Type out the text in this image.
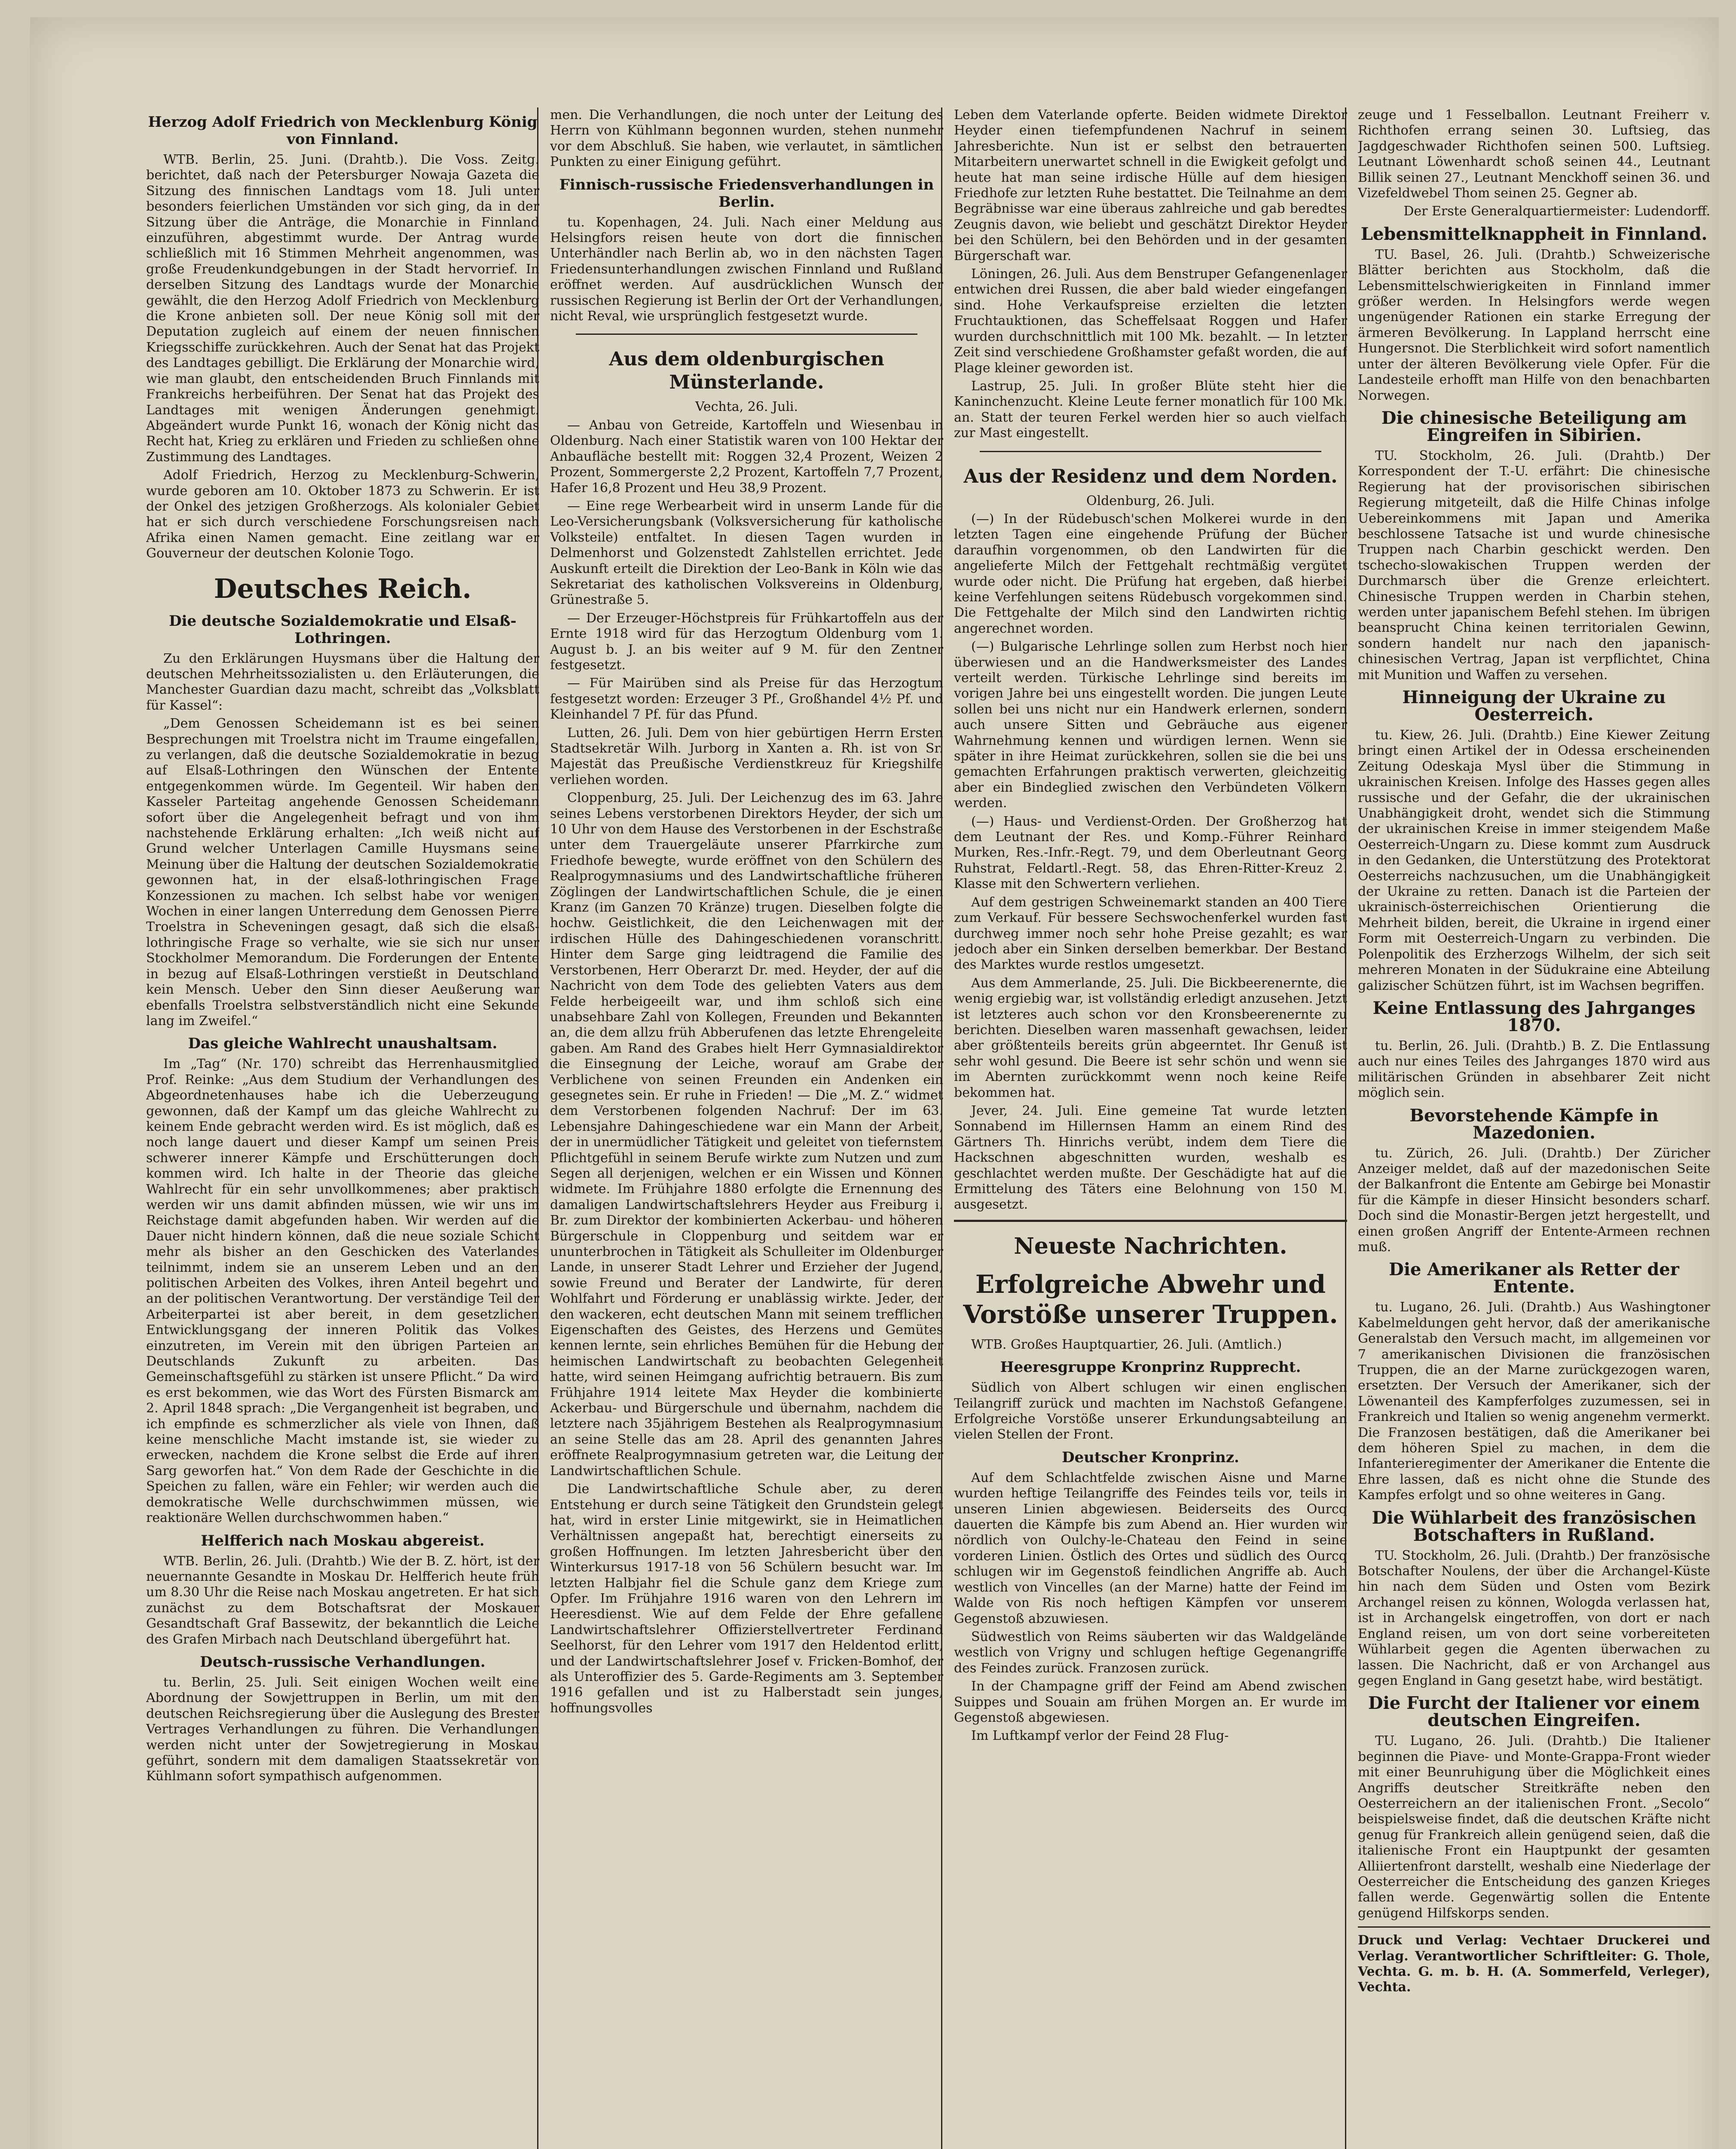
Herzog Adolf Friedrich von Mecklenburg König von Finnland.

WTB. Berlin, 25. Juni. (Drahtb.). Die Voss. Zeitg. berichtet, daß nach der Petersburger Nowaja Gazeta die Sitzung des finnischen Landtags vom 18. Juli unter besonders feierlichen Umständen vor sich ging, da in der Sitzung über die Anträge, die Monarchie in Finnland einzuführen, abgestimmt wurde. Der Antrag wurde schließlich mit 16 Stimmen Mehrheit angenommen, was große Freudenkundgebungen in der Stadt hervorrief. In derselben Sitzung des Landtags wurde der Monarchie gewählt, die den Herzog Adolf Friedrich von Mecklenburg die Krone anbieten soll. Der neue König soll mit der Deputation zugleich auf einem der neuen finnischen Kriegsschiffe zurückkehren. Auch der Senat hat das Projekt des Landtages gebilligt. Die Erklärung der Monarchie wird, wie man glaubt, den entscheidenden Bruch Finnlands mit Frankreichs herbeiführen. Der Senat hat das Projekt des Landtages mit wenigen Änderungen genehmigt. Abgeändert wurde Punkt 16, wonach der König nicht das Recht hat, Krieg zu erklären und Frieden zu schließen ohne Zustimmung des Landtages.

Adolf Friedrich, Herzog zu Mecklenburg-Schwerin, wurde geboren am 10. Oktober 1873 zu Schwerin. Er ist der Onkel des jetzigen Großherzogs. Als kolonialer Gebiet hat er sich durch verschiedene Forschungsreisen nach Afrika einen Namen gemacht. Eine zeitlang war er Gouverneur der deutschen Kolonie Togo.

Deutsches Reich.
Die deutsche Sozialdemokratie und Elsaß-Lothringen.

Zu den Erklärungen Huysmans über die Haltung der deutschen Mehrheitssozialisten u. den Erläuterungen, die Manchester Guardian dazu macht, schreibt das „Volksblatt für Kassel“:

„Dem Genossen Scheidemann ist es bei seinen Besprechungen mit Troelstra nicht im Traume eingefallen, zu verlangen, daß die deutsche Sozialdemokratie in bezug auf Elsaß-Lothringen den Wünschen der Entente entgegenkommen würde. Im Gegenteil. Wir haben den Kasseler Parteitag angehende Genossen Scheidemann sofort über die Angelegenheit befragt und von ihm nachstehende Erklärung erhalten: „Ich weiß nicht auf Grund welcher Unterlagen Camille Huysmans seine Meinung über die Haltung der deutschen Sozialdemokratie gewonnen hat, in der elsaß-lothringischen Frage Konzessionen zu machen. Ich selbst habe vor wenigen Wochen in einer langen Unterredung dem Genossen Pierre Troelstra in Scheveningen gesagt, daß sich die elsaß-lothringische Frage so verhalte, wie sie sich nur unser Stockholmer Memorandum. Die Forderungen der Entente in bezug auf Elsaß-Lothringen verstießt in Deutschland kein Mensch. Ueber den Sinn dieser Aeußerung war ebenfalls Troelstra selbstverständlich nicht eine Sekunde lang im Zweifel.“

Das gleiche Wahlrecht unaushaltsam.

Im „Tag“ (Nr. 170) schreibt das Herrenhausmitglied Prof. Reinke: „Aus dem Studium der Verhandlungen des Abgeordnetenhauses habe ich die Ueberzeugung gewonnen, daß der Kampf um das gleiche Wahlrecht zu keinem Ende gebracht werden wird. Es ist möglich, daß es noch lange dauert und dieser Kampf um seinen Preis schwerer innerer Kämpfe und Erschütterungen doch kommen wird. Ich halte in der Theorie das gleiche Wahlrecht für ein sehr unvollkommenes; aber praktisch werden wir uns damit abfinden müssen, wie wir uns im Reichstage damit abgefunden haben. Wir werden auf die Dauer nicht hindern können, daß die neue soziale Schicht mehr als bisher an den Geschicken des Vaterlandes teilnimmt, indem sie an unserem Leben und an den politischen Arbeiten des Volkes, ihren Anteil begehrt und an der politischen Verantwortung. Der verständige Teil der Arbeiterpartei ist aber bereit, in dem gesetzlichen Entwicklungsgang der inneren Politik das Volkes einzutreten, im Verein mit den übrigen Parteien an Deutschlands Zukunft zu arbeiten. Das Gemeinschaftsgefühl zu stärken ist unsere Pflicht.“ Da wird es erst bekommen, wie das Wort des Fürsten Bismarck am 2. April 1848 sprach: „Die Vergangenheit ist begraben, und ich empfinde es schmerzlicher als viele von Ihnen, daß keine menschliche Macht imstande ist, sie wieder zu erwecken, nachdem die Krone selbst die Erde auf ihren Sarg geworfen hat.“ Von dem Rade der Geschichte in die Speichen zu fallen, wäre ein Fehler; wir werden auch die demokratische Welle durchschwimmen müssen, wie reaktionäre Wellen durchschwommen haben.“

Helfferich nach Moskau abgereist.

WTB. Berlin, 26. Juli. (Drahtb.) Wie der B. Z. hört, ist der neuernannte Gesandte in Moskau Dr. Helfferich heute früh um 8.30 Uhr die Reise nach Moskau angetreten. Er hat sich zunächst zu dem Botschaftsrat der Moskauer Gesandtschaft Graf Bassewitz, der bekanntlich die Leiche des Grafen Mirbach nach Deutschland übergeführt hat.

Deutsch-russische Verhandlungen.

tu. Berlin, 25. Juli. Seit einigen Wochen weilt eine Abordnung der Sowjettruppen in Berlin, um mit den deutschen Reichsregierung über die Auslegung des Brester Vertrages Verhandlungen zu führen. Die Verhandlungen werden nicht unter der Sowjetregierung in Moskau geführt, sondern mit dem damaligen Staatssekretär von Kühlmann sofort sympathisch aufgenommen.

men. Die Verhandlungen, die noch unter der Leitung des Herrn von Kühlmann begonnen wurden, stehen nunmehr vor dem Abschluß. Sie haben, wie verlautet, in sämtlichen Punkten zu einer Einigung geführt.

Finnisch-russische Friedensverhandlungen in Berlin.

tu. Kopenhagen, 24. Juli. Nach einer Meldung aus Helsingfors reisen heute von dort die finnischen Unterhändler nach Berlin ab, wo in den nächsten Tagen Friedensunterhandlungen zwischen Finnland und Rußland eröffnet werden. Auf ausdrücklichen Wunsch der russischen Regierung ist Berlin der Ort der Verhandlungen, nicht Reval, wie ursprünglich festgesetzt wurde.

Aus dem oldenburgischen Münsterlande.

Vechta, 26. Juli.

— Anbau von Getreide, Kartoffeln und Wiesenbau in Oldenburg. Nach einer Statistik waren von 100 Hektar der Anbaufläche bestellt mit: Roggen 32,4 Prozent, Weizen 2 Prozent, Sommergerste 2,2 Prozent, Kartoffeln 7,7 Prozent, Hafer 16,8 Prozent und Heu 38,9 Prozent.

— Eine rege Werbearbeit wird in unserm Lande für die Leo-Versicherungsbank (Volksversicherung für katholische Volksteile) entfaltet. In diesen Tagen wurden in Delmenhorst und Golzenstedt Zahlstellen errichtet. Jede Auskunft erteilt die Direktion der Leo-Bank in Köln wie das Sekretariat des katholischen Volksvereins in Oldenburg, Grünestraße 5.

— Der Erzeuger-Höchstpreis für Frühkartoffeln aus der Ernte 1918 wird für das Herzogtum Oldenburg vom 1. August b. J. an bis weiter auf 9 M. für den Zentner festgesetzt.

— Für Mairüben sind als Preise für das Herzogtum festgesetzt worden: Erzeuger 3 Pf., Großhandel 4½ Pf. und Kleinhandel 7 Pf. für das Pfund.

Lutten, 26. Juli. Dem von hier gebürtigen Herrn Ersten Stadtsekretär Wilh. Jurborg in Xanten a. Rh. ist von Sr. Majestät das Preußische Verdienstkreuz für Kriegshilfe verliehen worden.

Cloppenburg, 25. Juli. Der Leichenzug des im 63. Jahre seines Lebens verstorbenen Direktors Heyder, der sich um 10 Uhr von dem Hause des Verstorbenen in der Eschstraße unter dem Trauergeläute unserer Pfarrkirche zum Friedhofe bewegte, wurde eröffnet von den Schülern des Realprogymnasiums und des Landwirtschaftliche früheren Zöglingen der Landwirtschaftlichen Schule, die je einen Kranz (im Ganzen 70 Kränze) trugen. Dieselben folgte die hochw. Geistlichkeit, die den Leichenwagen mit der irdischen Hülle des Dahingeschiedenen voranschritt. Hinter dem Sarge ging leidtragend die Familie des Verstorbenen, Herr Oberarzt Dr. med. Heyder, der auf die Nachricht von dem Tode des geliebten Vaters aus dem Felde herbeigeeilt war, und ihm schloß sich eine unabsehbare Zahl von Kollegen, Freunden und Bekannten an, die dem allzu früh Abberufenen das letzte Ehrengeleite gaben. Am Rand des Grabes hielt Herr Gymnasialdirektor die Einsegnung der Leiche, worauf am Grabe der Verblichene von seinen Freunden ein Andenken ein gesegnetes sein. Er ruhe in Frieden! — Die „M. Z.“ widmet dem Verstorbenen folgenden Nachruf: Der im 63. Lebensjahre Dahingeschiedene war ein Mann der Arbeit, der in unermüdlicher Tätigkeit und geleitet von tiefernstem Pflichtgefühl in seinem Berufe wirkte zum Nutzen und zum Segen all derjenigen, welchen er ein Wissen und Können widmete. Im Frühjahre 1880 erfolgte die Ernennung des damaligen Landwirtschaftslehrers Heyder aus Freiburg i. Br. zum Direktor der kombinierten Ackerbau- und höheren Bürgerschule in Cloppenburg und seitdem war er ununterbrochen in Tätigkeit als Schulleiter im Oldenburger Lande, in unserer Stadt Lehrer und Erzieher der Jugend, sowie Freund und Berater der Landwirte, für deren Wohlfahrt und Förderung er unablässig wirkte. Jeder, der den wackeren, echt deutschen Mann mit seinem trefflichen Eigenschaften des Geistes, des Herzens und Gemütes kennen lernte, sein ehrliches Bemühen für die Hebung der heimischen Landwirtschaft zu beobachten Gelegenheit hatte, wird seinen Heimgang aufrichtig betrauern. Bis zum Frühjahre 1914 leitete Max Heyder die kombinierte Ackerbau- und Bürgerschule und übernahm, nachdem die letztere nach 35jährigem Bestehen als Realprogymnasium an seine Stelle das am 28. April des genannten Jahres eröffnete Realprogymnasium getreten war, die Leitung der Landwirtschaftlichen Schule.

Die Landwirtschaftliche Schule aber, zu deren Entstehung er durch seine Tätigkeit den Grundstein gelegt hat, wird in erster Linie mitgewirkt, sie in Heimatlichen Verhältnissen angepaßt hat, berechtigt einerseits zu großen Hoffnungen. Im letzten Jahresbericht über den Winterkursus 1917-18 von 56 Schülern besucht war. Im letzten Halbjahr fiel die Schule ganz dem Kriege zum Opfer. Im Frühjahre 1916 waren von den Lehrern im Heeresdienst. Wie auf dem Felde der Ehre gefallene Landwirtschaftslehrer Offizierstellvertreter Ferdinand Seelhorst, für den Lehrer vom 1917 den Heldentod erlitt, und der Landwirtschaftslehrer Josef v. Fricken-Bomhof, der als Unteroffizier des 5. Garde-Regiments am 3. September 1916 gefallen und ist zu Halberstadt sein junges, hoffnungsvolles

Leben dem Vaterlande opferte. Beiden widmete Direktor Heyder einen tiefempfundenen Nachruf in seinem Jahresberichte. Nun ist er selbst den betrauerten Mitarbeitern unerwartet schnell in die Ewigkeit gefolgt und heute hat man seine irdische Hülle auf dem hiesigen Friedhofe zur letzten Ruhe bestattet. Die Teilnahme an dem Begräbnisse war eine überaus zahlreiche und gab beredtes Zeugnis davon, wie beliebt und geschätzt Direktor Heyder bei den Schülern, bei den Behörden und in der gesamten Bürgerschaft war.

Löningen, 26. Juli. Aus dem Benstruper Gefangenenlager entwichen drei Russen, die aber bald wieder eingefangen sind. Hohe Verkaufspreise erzielten die letzten Fruchtauktionen, das Scheffelsaat Roggen und Hafer wurden durchschnittlich mit 100 Mk. bezahlt. — In letzter Zeit sind verschiedene Großhamster gefaßt worden, die auf Plage kleiner geworden ist.

Lastrup, 25. Juli. In großer Blüte steht hier die Kaninchenzucht. Kleine Leute ferner monatlich für 100 Mk. an. Statt der teuren Ferkel werden hier so auch vielfach zur Mast eingestellt.

Aus der Residenz und dem Norden.

Oldenburg, 26. Juli.

(—) In der Rüdebusch'schen Molkerei wurde in den letzten Tagen eine eingehende Prüfung der Bücher daraufhin vorgenommen, ob den Landwirten für die angelieferte Milch der Fettgehalt rechtmäßig vergütet wurde oder nicht. Die Prüfung hat ergeben, daß hierbei keine Verfehlungen seitens Rüdebusch vorgekommen sind. Die Fettgehalte der Milch sind den Landwirten richtig angerechnet worden.

(—) Bulgarische Lehrlinge sollen zum Herbst noch hier überwiesen und an die Handwerksmeister des Landes verteilt werden. Türkische Lehrlinge sind bereits im vorigen Jahre bei uns eingestellt worden. Die jungen Leute sollen bei uns nicht nur ein Handwerk erlernen, sondern auch unsere Sitten und Gebräuche aus eigener Wahrnehmung kennen und würdigen lernen. Wenn sie später in ihre Heimat zurückkehren, sollen sie die bei uns gemachten Erfahrungen praktisch verwerten, gleichzeitig aber ein Bindeglied zwischen den Verbündeten Völkern werden.

(—) Haus- und Verdienst-Orden. Der Großherzog hat dem Leutnant der Res. und Komp.-Führer Reinhard Murken, Res.-Infr.-Regt. 79, und dem Oberleutnant Georg Ruhstrat, Feldartl.-Regt. 58, das Ehren-Ritter-Kreuz 2. Klasse mit den Schwertern verliehen.

Auf dem gestrigen Schweinemarkt standen an 400 Tiere zum Verkauf. Für bessere Sechswochenferkel wurden fast durchweg immer noch sehr hohe Preise gezahlt; es war jedoch aber ein Sinken derselben bemerkbar. Der Bestand des Marktes wurde restlos umgesetzt.

Aus dem Ammerlande, 25. Juli. Die Bickbeerenernte, die wenig ergiebig war, ist vollständig erledigt anzusehen. Jetzt ist letzteres auch schon vor den Kronsbeerenernte zu berichten. Dieselben waren massenhaft gewachsen, leider aber größtenteils bereits grün abgeerntet. Ihr Genuß ist sehr wohl gesund. Die Beere ist sehr schön und wenn sie im Abernten zurückkommt wenn noch keine Reife bekommen hat.

Jever, 24. Juli. Eine gemeine Tat wurde letzten Sonnabend im Hillernsen Hamm an einem Rind des Gärtners Th. Hinrichs verübt, indem dem Tiere die Hackschnen abgeschnitten wurden, weshalb es geschlachtet werden mußte. Der Geschädigte hat auf die Ermittelung des Täters eine Belohnung von 150 M. ausgesetzt.

Neueste Nachrichten.
Erfolgreiche Abwehr und Vorstöße unserer Truppen.

WTB. Großes Hauptquartier, 26. Juli. (Amtlich.)

Heeresgruppe Kronprinz Rupprecht.

Südlich von Albert schlugen wir einen englischen Teilangriff zurück und machten im Nachstoß Gefangene. Erfolgreiche Vorstöße unserer Erkundungsabteilung an vielen Stellen der Front.

Deutscher Kronprinz.

Auf dem Schlachtfelde zwischen Aisne und Marne wurden heftige Teilangriffe des Feindes teils vor, teils in unseren Linien abgewiesen. Beiderseits des Ourcq dauerten die Kämpfe bis zum Abend an. Hier wurden wir nördlich von Oulchy-le-Chateau den Feind in seine vorderen Linien. Östlich des Ortes und südlich des Ourcq schlugen wir im Gegenstoß feindlichen Angriffe ab. Auch westlich von Vincelles (an der Marne) hatte der Feind im Walde von Ris noch heftigen Kämpfen vor unserem Gegenstoß abzuwiesen.

Südwestlich von Reims säuberten wir das Waldgelände westlich von Vrigny und schlugen heftige Gegenangriffe des Feindes zurück. Franzosen zurück.

In der Champagne griff der Feind am Abend zwischen Suippes und Souain am frühen Morgen an. Er wurde im Gegenstoß abgewiesen.

Im Luftkampf verlor der Feind 28 Flug-

zeuge und 1 Fesselballon. Leutnant Freiherr v. Richthofen errang seinen 30. Luftsieg, das Jagdgeschwader Richthofen seinen 500. Luftsieg. Leutnant Löwenhardt schoß seinen 44., Leutnant Billik seinen 27., Leutnant Menckhoff seinen 36. und Vizefeldwebel Thom seinen 25. Gegner ab.

Der Erste Generalquartiermeister: Ludendorff.

Lebensmittelknappheit in Finnland.

TU. Basel, 26. Juli. (Drahtb.) Schweizerische Blätter berichten aus Stockholm, daß die Lebensmittelschwierigkeiten in Finnland immer größer werden. In Helsingfors werde wegen ungenügender Rationen ein starke Erregung der ärmeren Bevölkerung. In Lappland herrscht eine Hungersnot. Die Sterblichkeit wird sofort namentlich unter der älteren Bevölkerung viele Opfer. Für die Landesteile erhofft man Hilfe von den benachbarten Norwegen.

Die chinesische Beteiligung am Eingreifen in Sibirien.

TU. Stockholm, 26. Juli. (Drahtb.) Der Korrespondent der T.-U. erfährt: Die chinesische Regierung hat der provisorischen sibirischen Regierung mitgeteilt, daß die Hilfe Chinas infolge Uebereinkommens mit Japan und Amerika beschlossene Tatsache ist und wurde chinesische Truppen nach Charbin geschickt werden. Den tschecho-slowakischen Truppen werden der Durchmarsch über die Grenze erleichtert. Chinesische Truppen werden in Charbin stehen, werden unter japanischem Befehl stehen. Im übrigen beansprucht China keinen territorialen Gewinn, sondern handelt nur nach den japanisch-chinesischen Vertrag, Japan ist verpflichtet, China mit Munition und Waffen zu versehen.

Hinneigung der Ukraine zu Oesterreich.

tu. Kiew, 26. Juli. (Drahtb.) Eine Kiewer Zeitung bringt einen Artikel der in Odessa erscheinenden Zeitung Odeskaja Mysl über die Stimmung in ukrainischen Kreisen. Infolge des Hasses gegen alles russische und der Gefahr, die der ukrainischen Unabhängigkeit droht, wendet sich die Stimmung der ukrainischen Kreise in immer steigendem Maße Oesterreich-Ungarn zu. Diese kommt zum Ausdruck in den Gedanken, die Unterstützung des Protektorat Oesterreichs nachzusuchen, um die Unabhängigkeit der Ukraine zu retten. Danach ist die Parteien der ukrainisch-österreichischen Orientierung die Mehrheit bilden, bereit, die Ukraine in irgend einer Form mit Oesterreich-Ungarn zu verbinden. Die Polenpolitik des Erzherzogs Wilhelm, der sich seit mehreren Monaten in der Südukraine eine Abteilung galizischer Schützen führt, ist im Wachsen begriffen.

Keine Entlassung des Jahrganges 1870.

tu. Berlin, 26. Juli. (Drahtb.) B. Z. Die Entlassung auch nur eines Teiles des Jahrganges 1870 wird aus militärischen Gründen in absehbarer Zeit nicht möglich sein.

Bevorstehende Kämpfe in Mazedonien.

tu. Zürich, 26. Juli. (Drahtb.) Der Züricher Anzeiger meldet, daß auf der mazedonischen Seite der Balkanfront die Entente am Gebirge bei Monastir für die Kämpfe in dieser Hinsicht besonders scharf. Doch sind die Monastir-Bergen jetzt hergestellt, und einen großen Angriff der Entente-Armeen rechnen muß.

Die Amerikaner als Retter der Entente.

tu. Lugano, 26. Juli. (Drahtb.) Aus Washingtoner Kabelmeldungen geht hervor, daß der amerikanische Generalstab den Versuch macht, im allgemeinen vor 7 amerikanischen Divisionen die französischen Truppen, die an der Marne zurückgezogen waren, ersetzten. Der Versuch der Amerikaner, sich der Löwenanteil des Kampferfolges zuzumessen, sei in Frankreich und Italien so wenig angenehm vermerkt. Die Franzosen bestätigen, daß die Amerikaner bei dem höheren Spiel zu machen, in dem die Infanterieregimenter der Amerikaner die Entente die Ehre lassen, daß es nicht ohne die Stunde des Kampfes erfolgt und so ohne weiteres in Gang.

Die Wühlarbeit des französischen Botschafters in Rußland.

TU. Stockholm, 26. Juli. (Drahtb.) Der französische Botschafter Noulens, der über die Archangel-Küste hin nach dem Süden und Osten vom Bezirk Archangel reisen zu können, Wologda verlassen hat, ist in Archangelsk eingetroffen, von dort er nach England reisen, um von dort seine vorbereiteten Wühlarbeit gegen die Agenten überwachen zu lassen. Die Nachricht, daß er von Archangel aus gegen England in Gang gesetzt habe, wird bestätigt.

Die Furcht der Italiener vor einem deutschen Eingreifen.

TU. Lugano, 26. Juli. (Drahtb.) Die Italiener beginnen die Piave- und Monte-Grappa-Front wieder mit einer Beunruhigung über die Möglichkeit eines Angriffs deutscher Streitkräfte neben den Oesterreichern an der italienischen Front. „Secolo“ beispielsweise findet, daß die deutschen Kräfte nicht genug für Frankreich allein genügend seien, daß die italienische Front ein Hauptpunkt der gesamten Alliiertenfront darstellt, weshalb eine Niederlage der Oesterreicher die Entscheidung des ganzen Krieges fallen werde. Gegenwärtig sollen die Entente genügend Hilfskorps senden.

Druck und Verlag: Vechtaer Druckerei und Verlag. Verantwortlicher Schriftleiter: G. Thole, Vechta. G. m. b. H. (A. Sommerfeld, Verleger), Vechta.
